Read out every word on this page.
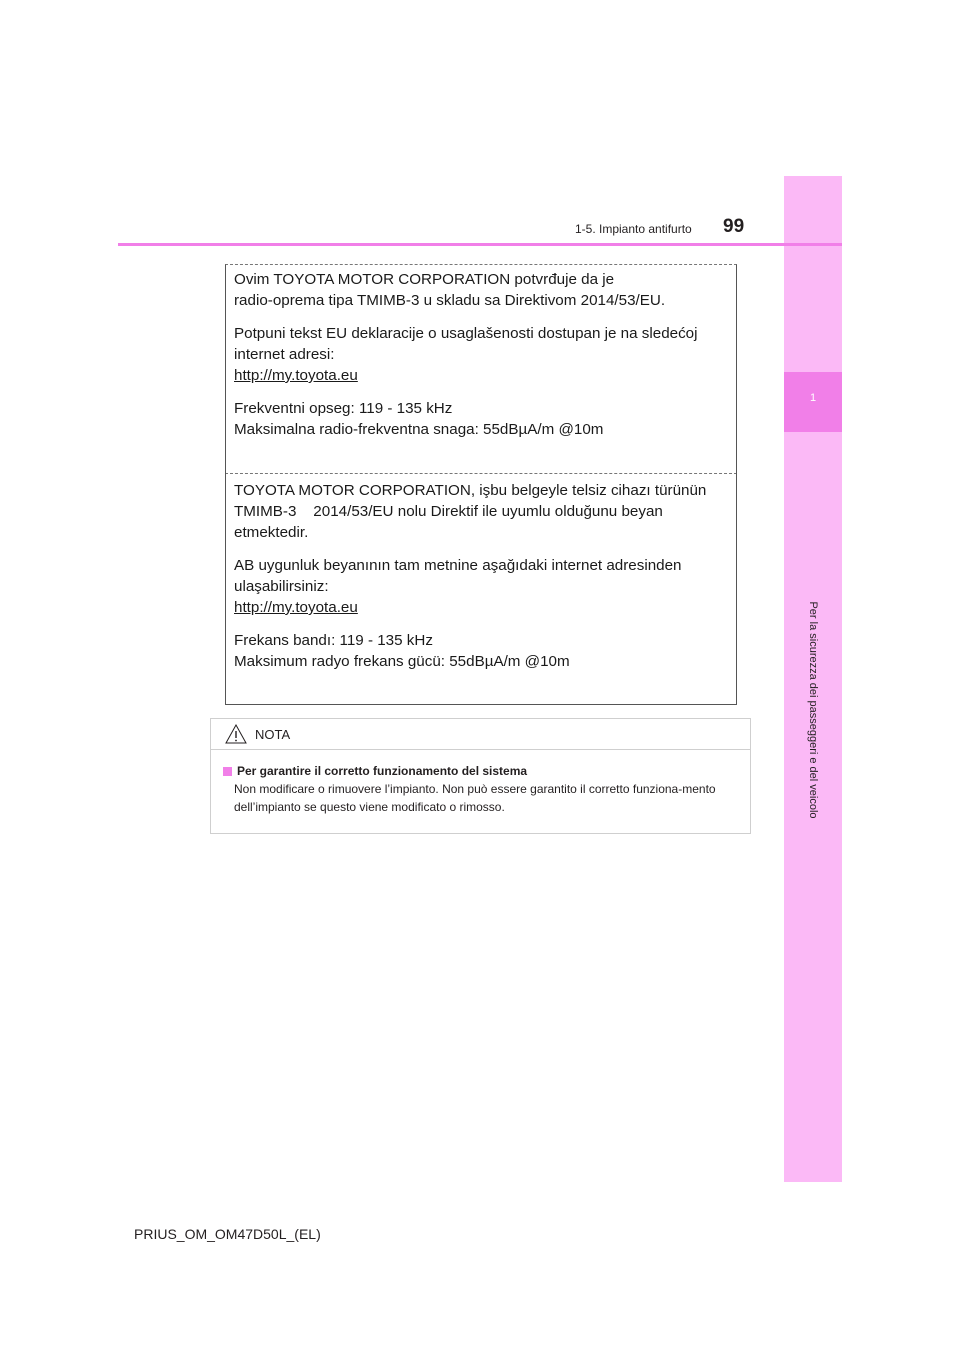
1
Per la sicurezza dei passeggeri e del veicolo
1-5. Impianto antifurto 99

Ovim TOYOTA MOTOR CORPORATION potvrđuje da je

radio-oprema tipa TMIMB-3 u skladu sa Direktivom 2014/53/EU.

Potpuni tekst EU deklaracije o usaglašenosti dostupan je na sledećoj

internet adresi:

http://my.toyota.eu

Frekventni opseg: 119 - 135 kHz

Maksimalna radio-frekventna snaga: 55dBµA/m @10m

TOYOTA MOTOR CORPORATION, işbu belgeyle telsiz cihazı türünün

TMIMB-3    2014/53/EU nolu Direktif ile uyumlu olduğunu beyan

etmektedir.

AB uygunluk beyanının tam metnine aşağıdaki internet adresinden

ulaşabilirsiniz:

http://my.toyota.eu

Frekans bandı: 119 - 135 kHz

Maksimum radyo frekans gücü: 55dBµA/m @10m

NOTA
Per garantire il corretto funzionamento del sistema
Non modificare o rimuovere l’impianto. Non può essere garantito il corretto funziona-mento dell’impianto se questo viene modificato o rimosso.
PRIUS_OM_OM47D50L_(EL)
